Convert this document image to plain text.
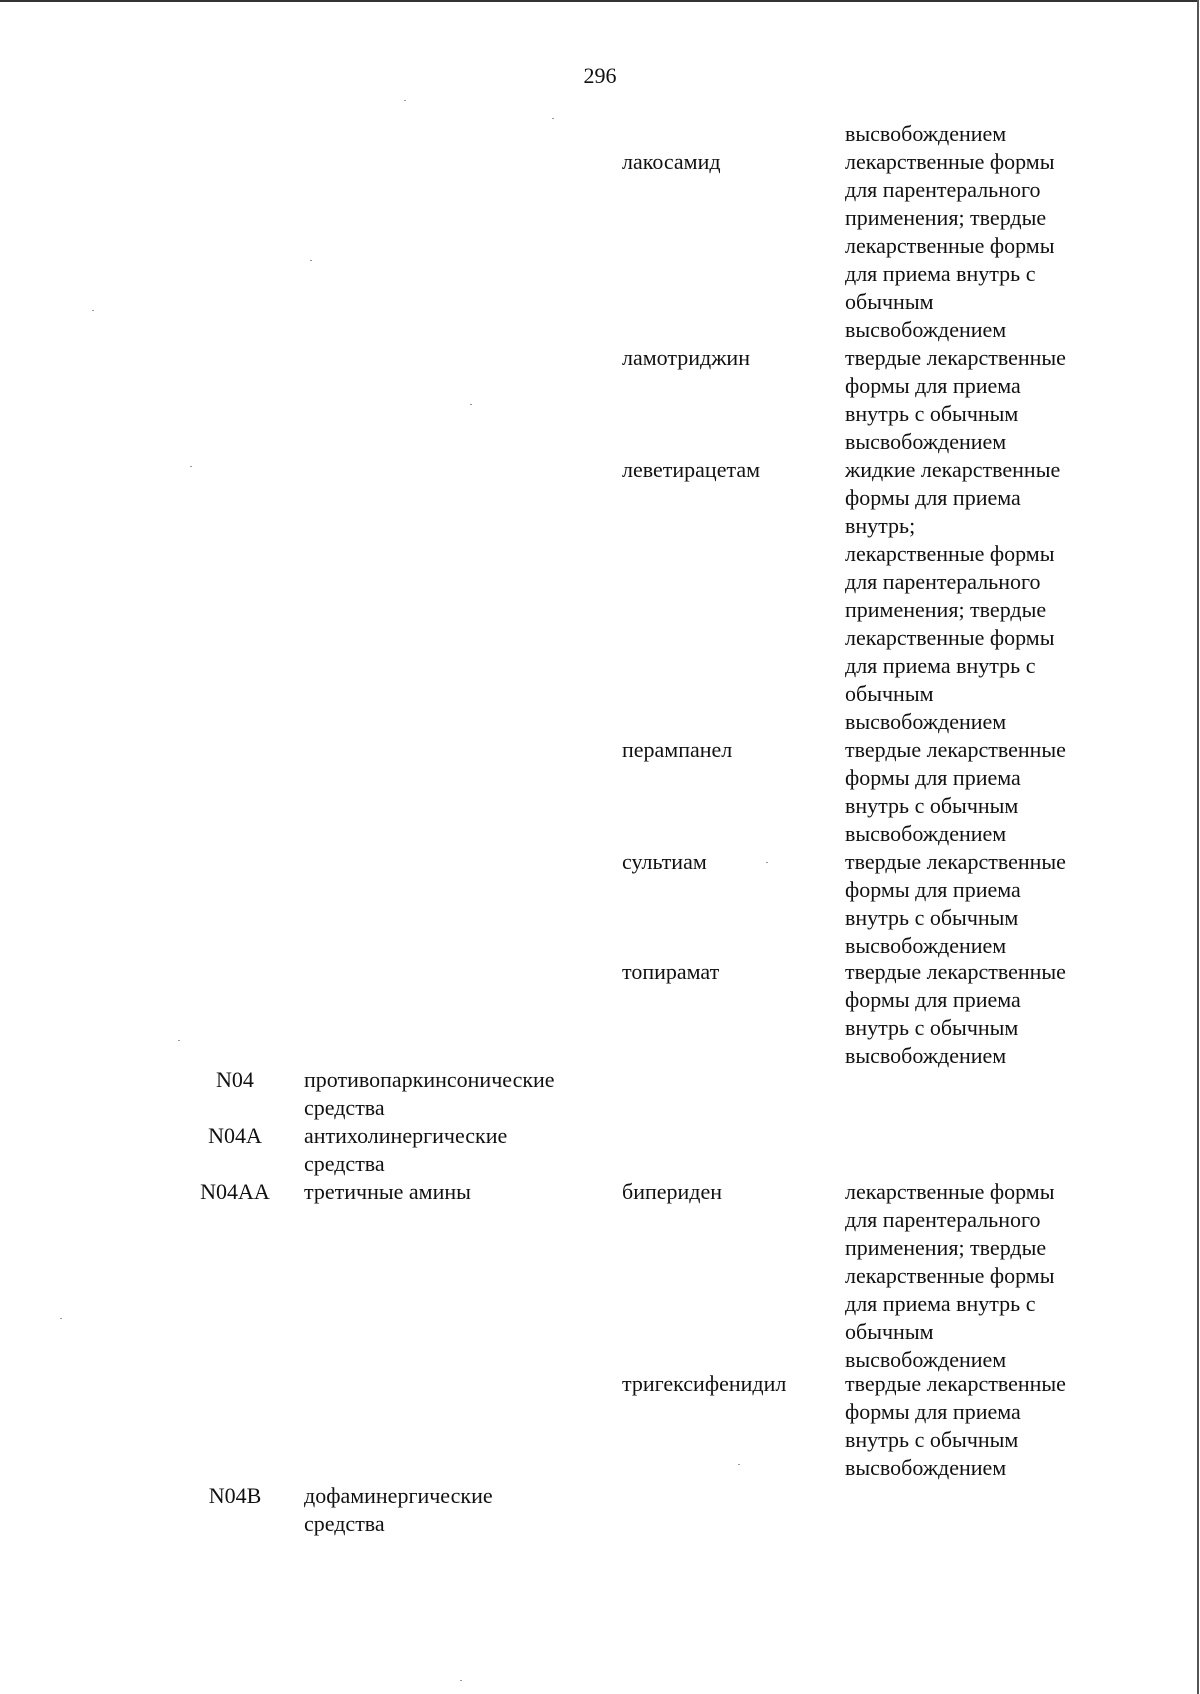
296
высвобождением
лакосамид	лекарственные формы
для парентерального
применения; твердые
лекарственные формы
для приема внутрь с
обычным
высвобождением
ламотриджин	твердые лекарственные
формы для приема
внутрь с обычным
высвобождением
леветирацетам	жидкие лекарственные
формы для приема
внутрь;
лекарственные формы
для парентерального
применения; твердые
лекарственные формы
для приема внутрь с
обычным
высвобождением
перампанел	твердые лекарственные
формы для приема
внутрь с обычным
высвобождением
сультиам	твердые лекарственные
формы для приема
внутрь с обычным
высвобождением
топирамат	твердые лекарственные
формы для приема
внутрь с обычным
высвобождением
N04	противопаркинсонические
средства
N04A	антихолинергические
средства
N04AA	третичные амины	бипериден	лекарственные формы
для парентерального
применения; твердые
лекарственные формы
для приема внутрь с
обычным
высвобождением
тригексифенидил	твердые лекарственные
формы для приема
внутрь с обычным
высвобождением
N04B	дофаминергические
средства
